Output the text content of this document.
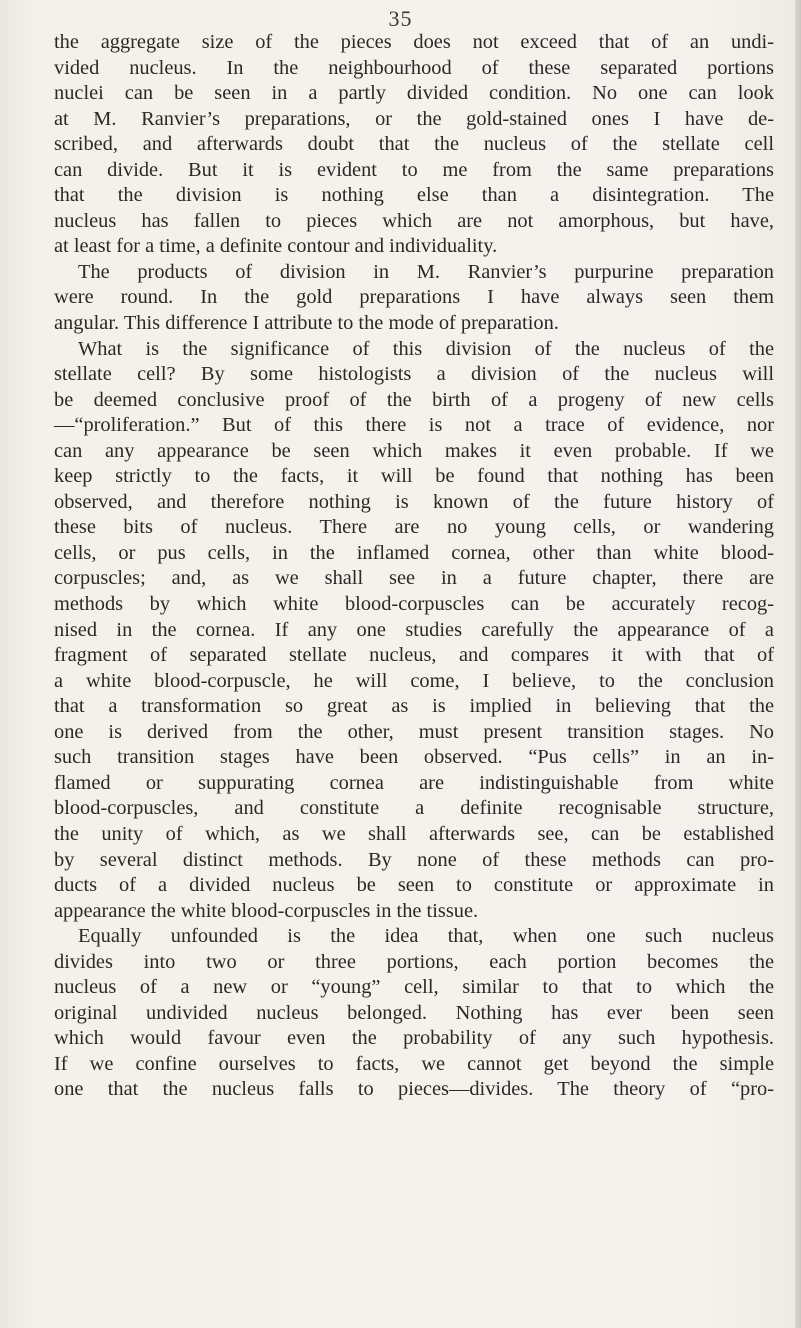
35
the aggregate size of the pieces does not exceed that of an undi-
vided nucleus. In the neighbourhood of these separated portions
nuclei can be seen in a partly divided condition. No one can look
at M. Ranvier’s preparations, or the gold-stained ones I have de-
scribed, and afterwards doubt that the nucleus of the stellate cell
can divide. But it is evident to me from the same preparations
that the division is nothing else than a disintegration. The
nucleus has fallen to pieces which are not amorphous, but have,
at least for a time, a definite contour and individuality.
The products of division in M. Ranvier’s purpurine preparation
were round. In the gold preparations I have always seen them
angular. This difference I attribute to the mode of preparation.
What is the significance of this division of the nucleus of the
stellate cell? By some histologists a division of the nucleus will
be deemed conclusive proof of the birth of a progeny of new cells
—“proliferation.” But of this there is not a trace of evidence, nor
can any appearance be seen which makes it even probable. If we
keep strictly to the facts, it will be found that nothing has been
observed, and therefore nothing is known of the future history of
these bits of nucleus. There are no young cells, or wandering
cells, or pus cells, in the inflamed cornea, other than white blood-
corpuscles; and, as we shall see in a future chapter, there are
methods by which white blood-corpuscles can be accurately recog-
nised in the cornea. If any one studies carefully the appearance of a
fragment of separated stellate nucleus, and compares it with that of
a white blood-corpuscle, he will come, I believe, to the conclusion
that a transformation so great as is implied in believing that the
one is derived from the other, must present transition stages. No
such transition stages have been observed. “Pus cells” in an in-
flamed or suppurating cornea are indistinguishable from white
blood-corpuscles, and constitute a definite recognisable structure,
the unity of which, as we shall afterwards see, can be established
by several distinct methods. By none of these methods can pro-
ducts of a divided nucleus be seen to constitute or approximate in
appearance the white blood-corpuscles in the tissue.
Equally unfounded is the idea that, when one such nucleus
divides into two or three portions, each portion becomes the
nucleus of a new or “young” cell, similar to that to which the
original undivided nucleus belonged. Nothing has ever been seen
which would favour even the probability of any such hypothesis.
If we confine ourselves to facts, we cannot get beyond the simple
one that the nucleus falls to pieces—divides. The theory of “pro-
